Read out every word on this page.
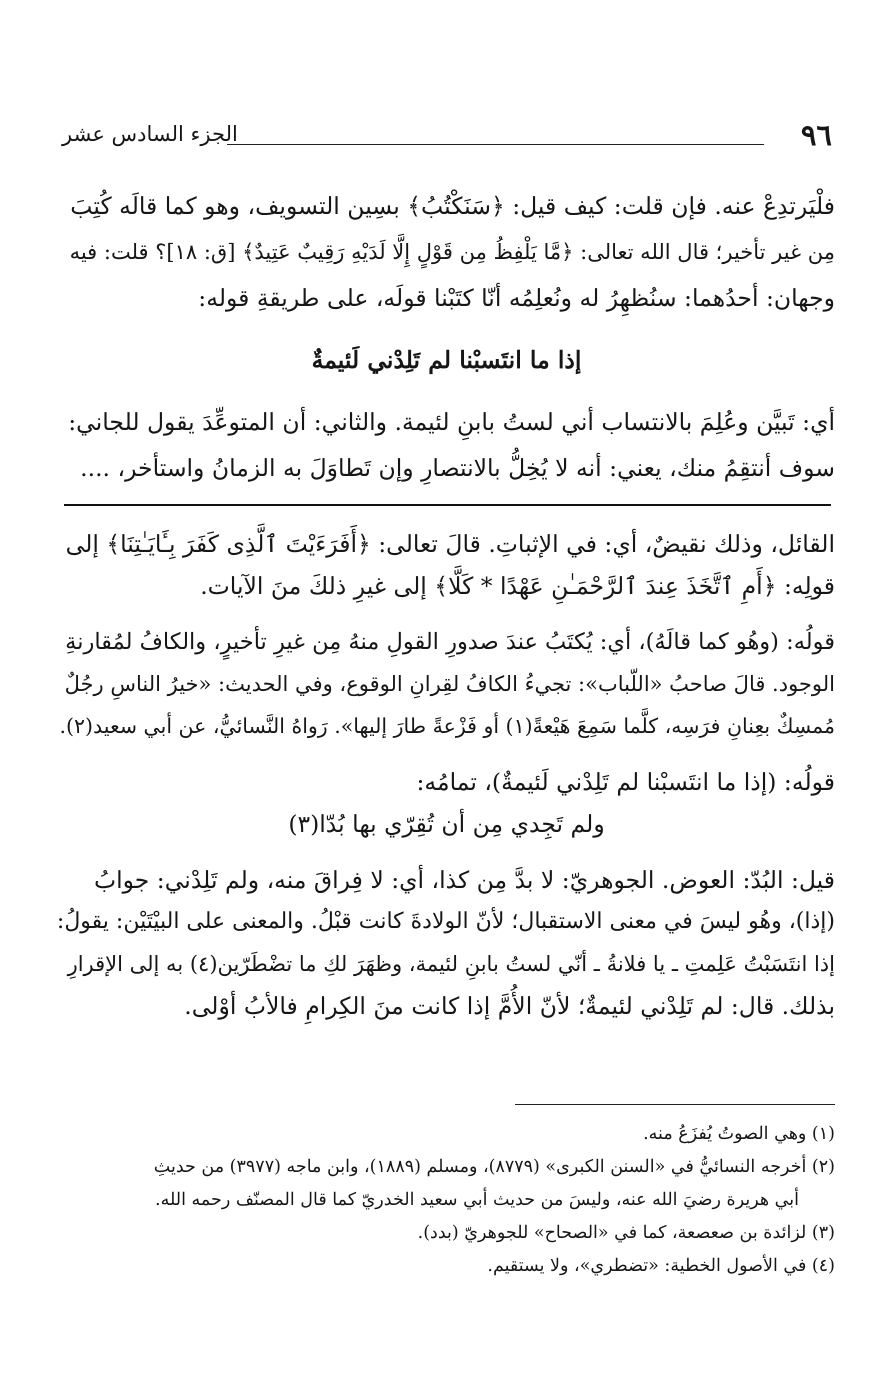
٩٦
الجزء السادس عشر
فلْيَرتدِعْ عنه. فإن قلت: كيف قيل: ﴿سَنَكْتُبُ﴾ بسِين التسويف، وهو كما قالَه كُتِبَ
مِن غير تأخير؛ قال الله تعالى: ﴿مَّا يَلْفِظُ مِن قَوْلٍ إِلَّا لَدَيْهِ رَقِيبٌ عَتِيدٌ﴾ [ق: ١٨]؟ قلت: فيه
وجهان: أحدُهما: سنُظهِرُ له ونُعلِمُه أنّا كتَبْنا قولَه، على طريقةِ قوله:
إذا ما انتَسبْنا لم تَلِدْني لَئيمةٌ
أي: تَبيَّن وعُلِمَ بالانتساب أني لستُ بابنِ لئيمة. والثاني: أن المتوعِّدَ يقول للجاني:
سوف أنتقِمُ منك، يعني: أنه لا يُخِلُّ بالانتصارِ وإن تَطاوَلَ به الزمانُ واستأخر، ....
القائل، وذلك نقيضٌ، أي: في الإثباتِ. قالَ تعالى: ﴿أَفَرَءَيْتَ ٱلَّذِى كَفَرَ بِـَٔايَـٰتِنَا﴾ إلى
قولِه: ﴿أَمِ ٱتَّخَذَ عِندَ ٱلرَّحْمَـٰنِ عَهْدًا * كَلَّا﴾ إلى غيرِ ذلكَ منَ الآيات.
قولُه: (وهُو كما قالَهُ)، أي: يُكتَبُ عندَ صدورِ القولِ منهُ مِن غيرِ تأخيرٍ، والكافُ لمُقارنةِ
الوجود. قالَ صاحبُ «اللّباب»: تجيءُ الكافُ لقِرانِ الوقوع، وفي الحديث: «خيرُ الناسِ رجُلٌ
مُمسِكٌ بعِنانِ فرَسِه، كلَّما سَمِعَ هَيْعةً(١) أو فَزْعةً طارَ إليها». رَواهُ النَّسائيُّ، عن أبي سعيد(٢).
قولُه: (إذا ما انتَسبْنا لم تَلِدْني لَئيمةٌ)، تمامُه:
ولم تَجِدي مِن أن تُقِرّي بها بُدّا(٣)
قيل: البُدّ: العوض. الجوهريّ: لا بدَّ مِن كذا، أي: لا فِراقَ منه، ولم تَلِدْني: جوابُ
(إذا)، وهُو ليسَ في معنى الاستقبال؛ لأنّ الولادةَ كانت قبْلُ. والمعنى على البيْتَيْن: يقولُ:
إذا انتَسَبْتُ عَلِمتِ ـ يا فلانةُ ـ أنّي لستُ بابنِ لئيمة، وظهَرَ لكِ ما تضْطَرّين(٤) به إلى الإقرارِ
بذلك. قال: لم تَلِدْني لئيمةٌ؛ لأنّ الأُمَّ إذا كانت منَ الكِرامِ فالأبُ أوْلى.
(١) وهي الصوتُ يُفزَعُ منه.
(٢) أخرجه النسائيُّ في «السنن الكبرى» (٨٧٧٩)، ومسلم (١٨٨٩)، وابن ماجه (٣٩٧٧) من حديثِ
أبي هريرة رضيَ الله عنه، وليسَ من حديث أبي سعيد الخدريّ كما قال المصنّف رحمه الله.
(٣) لزائدة بن صعصعة، كما في «الصحاح» للجوهريّ (بدد).
(٤) في الأصول الخطية: «تضطري»، ولا يستقيم.
